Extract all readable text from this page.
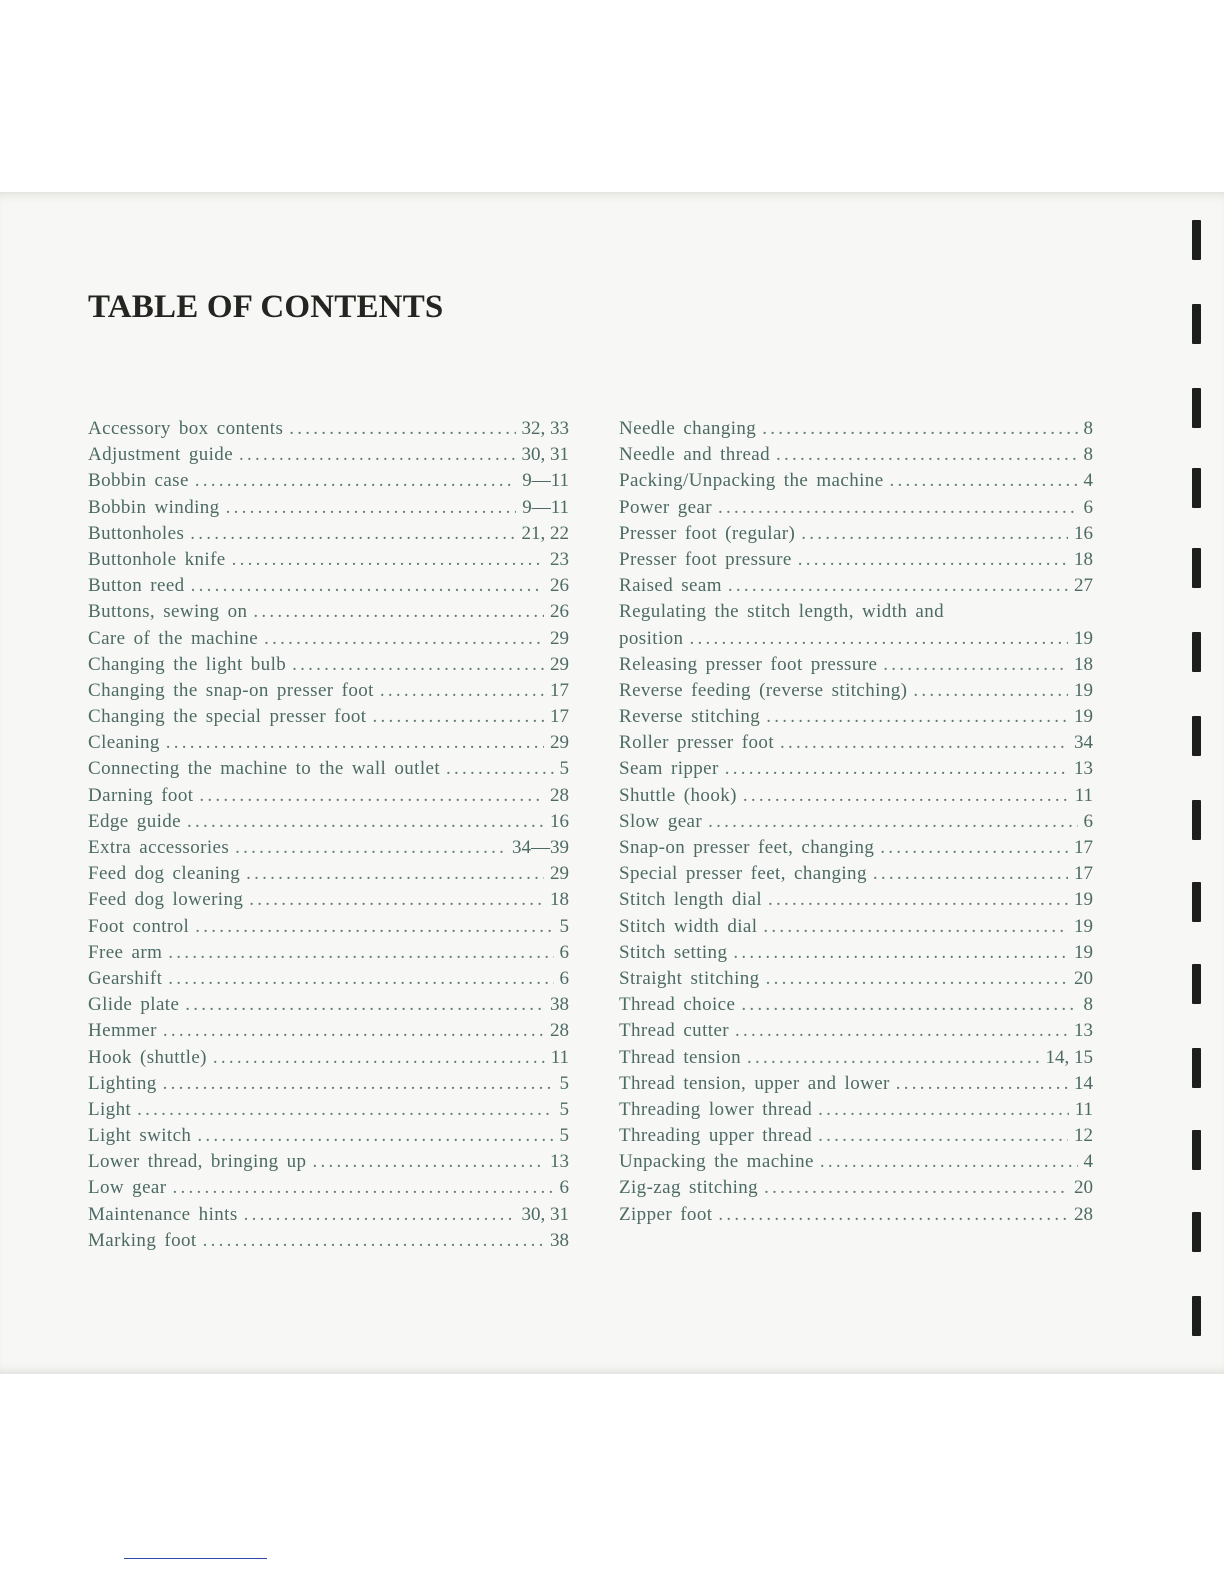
TABLE OF CONTENTS
Accessory box contents . . .	32, 33
Adjustment guide . . .	30, 31
Bobbin case . . .	9—11
Bobbin winding . . .	9—11
Buttonholes . . .	21, 22
Buttonhole knife . . .	23
Button reed . . .	26
Buttons, sewing on . . .	26
Care of the machine . . .	29
Changing the light bulb . . .	29
Changing the snap-on presser foot . . .	17
Changing the special presser foot . . .	17
Cleaning . . .	29
Connecting the machine to the wall outlet . . .	5
Darning foot . . .	28
Edge guide . . .	16
Extra accessories . . .	34—39
Feed dog cleaning . . .	29
Feed dog lowering . . .	18
Foot control . . .	5
Free arm . . .	6
Gearshift . . .	6
Glide plate . . .	38
Hemmer . . .	28
Hook (shuttle) . . .	11
Lighting . . .	5
Light . . .	5
Light switch . . .	5
Lower thread, bringing up . . .	13
Low gear . . .	6
Maintenance hints . . .	30, 31
Marking foot . . .	38
Needle changing . . .	8
Needle and thread . . .	8
Packing/Unpacking the machine . . .	4
Power gear . . .	6
Presser foot (regular) . . .	16
Presser foot pressure . . .	18
Raised seam . . .	27
Regulating the stitch length, width and
position . . .	19
Releasing presser foot pressure . . .	18
Reverse feeding (reverse stitching) . . .	19
Reverse stitching . . .	19
Roller presser foot . . .	34
Seam ripper . . .	13
Shuttle (hook) . . .	11
Slow gear . . .	6
Snap-on presser feet, changing . . .	17
Special presser feet, changing . . .	17
Stitch length dial . . .	19
Stitch width dial . . .	19
Stitch setting . . .	19
Straight stitching . . .	20
Thread choice . . .	8
Thread cutter . . .	13
Thread tension . . .	14, 15
Thread tension, upper and lower . . .	14
Threading lower thread . . .	11
Threading upper thread . . .	12
Unpacking the machine . . .	4
Zig-zag stitching . . .	20
Zipper foot . . .	28
